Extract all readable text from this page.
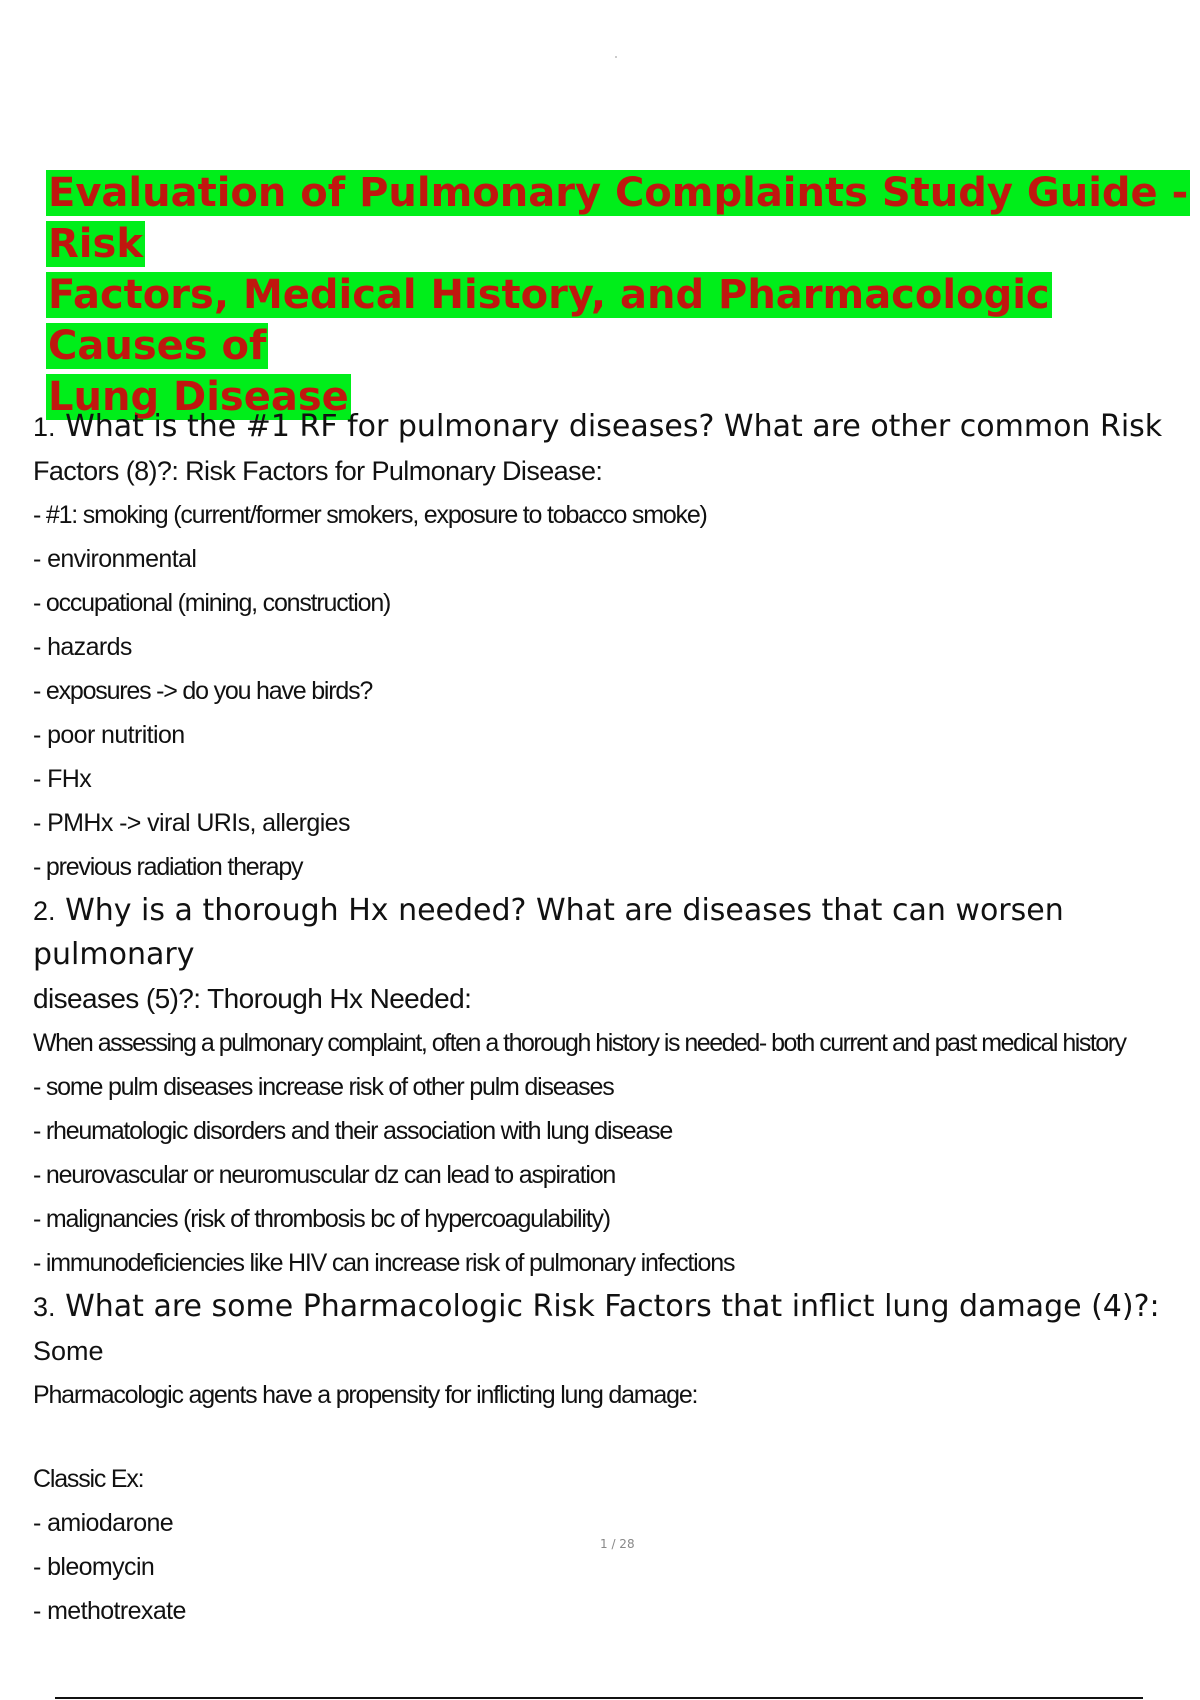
Evaluation of Pulmonary Complaints Study Guide - Risk
Factors, Medical History, and Pharmacologic Causes of
Lung Disease
1. What is the #1 RF for pulmonary diseases? What are other common Risk
Factors (8)?: Risk Factors for Pulmonary Disease:
- #1: smoking (current/former smokers, exposure to tobacco smoke)
- environmental
- occupational (mining, construction)
- hazards
- exposures -> do you have birds?
- poor nutrition
- FHx
- PMHx -> viral URIs, allergies
- previous radiation therapy
2. Why is a thorough Hx needed? What are diseases that can worsen pulmonary
diseases (5)?: Thorough Hx Needed:
When assessing a pulmonary complaint, often a thorough history is needed- both current and past medical history
- some pulm diseases increase risk of other pulm diseases
- rheumatologic disorders and their association with lung disease
- neurovascular or neuromuscular dz can lead to aspiration
- malignancies (risk of thrombosis bc of hypercoagulability)
- immunodeficiencies like HIV can increase risk of pulmonary infections
3. What are some Pharmacologic Risk Factors that inflict lung damage (4)?: Some
Pharmacologic agents have a propensity for inflicting lung damage:
Classic Ex:
- amiodarone
- bleomycin
- methotrexate
1 / 28
